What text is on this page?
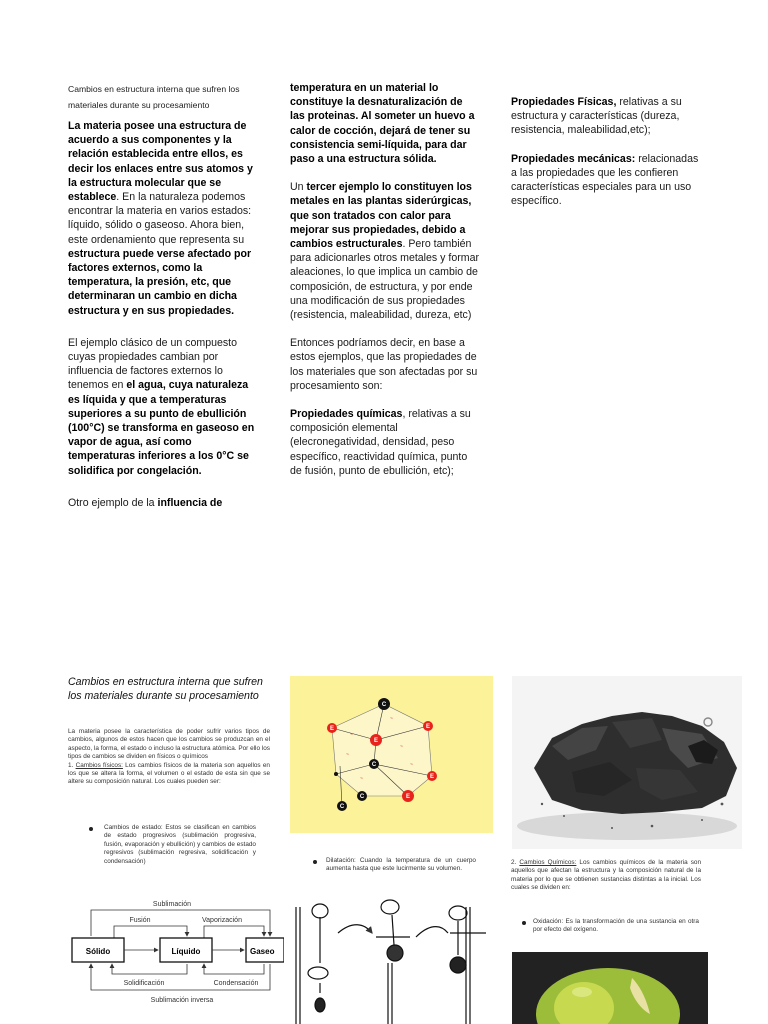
Cambios en estructura interna que sufren los materiales durante su procesamiento

La materia posee una estructura de acuerdo a sus componentes y la relación establecida entre ellos, es decir los enlaces entre sus atomos y la estructura molecular que se establece. En la naturaleza podemos encontrar la materia en varios estados: líquido, sólido o gaseoso. Ahora bien, este ordenamiento que representa su estructura puede verse afectado por factores externos, como la temperatura, la presión, etc, que determinaran un cambio en dicha estructura y en sus propiedades.

El ejemplo clásico de un compuesto cuyas propiedades cambian por influencia de factores externos lo tenemos en el agua, cuya naturaleza es líquida y que a temperaturas superiores a su punto de ebullición (100°C) se transforma en gaseoso en vapor de agua, así como temperaturas inferiores a los 0°C se solidifica por congelación.

Otro ejemplo de la influencia de

temperatura en un material lo constituye la desnaturalización de las proteinas. Al someter un huevo a calor de cocción, dejará de tener su consistencia semi-líquida, para dar paso a una estructura sólida.

Un tercer ejemplo lo constituyen los metales en las plantas siderúrgicas, que son tratados con calor para mejorar sus propiedades, debido a cambios estructurales. Pero también para adicionarles otros metales y formar aleaciones, lo que implica un cambio de composición, de estructura, y por ende una modificación de sus propiedades (resistencia, maleabilidad, dureza, etc)

Entonces podríamos decir, en base a estos ejemplos, que las propiedades de los materiales que son afectadas por su procesamiento son:

Propiedades químicas, relativas a su composición elemental (elecronegatividad, densidad, peso específico, reactividad química, punto de fusión, punto de ebullición, etc);

Propiedades Físicas, relativas a su estructura y características (dureza, resistencia, maleabilidad,etc);

Propiedades mecánicas: relacionadas a las propiedades que les confieren características especiales para un uso específico.

Cambios en estructura interna que sufren los materiales durante su procesamiento
La materia posee la característica de poder sufrir varios tipos de cambios, algunos de estos hacen que los cambios se produzcan en el aspecto, la forma, el estado o incluso la estructura atómica. Por ello los tipos de cambios se dividen en físicos o químicos
1. Cambios físicos: Los cambios físicos de la materia son aquellos en los que se altera la forma, el volumen o el estado de esta sin que se altere su composición natural. Los cuales pueden ser:
Cambios de estado: Estos se clasifican en cambios de estado progresivos (sublimación progresiva, fusión, evaporación y ebullición) y cambios de estado regresivos (sublimación regresiva, solidificación y condensación)
~
~
~
~
~
~
C
E	E
E
C
E
C	E
C
Dilatación: Cuando la temperatura de un cuerpo aumenta hasta que este lucirmente su volumen.
2. Cambios Químicos: Los cambios químicos de la materia son aquellos que afectan la estructura y la composición natural de la materia por lo que se obtienen sustancias distintas a la inicial. Los cuales se dividen en:
Oxidación: Es la transformación de una sustancia en otra por efecto del oxígeno.
Sublimación
Fusión	Vaporización
Sólido	Líquido	Gaseo
Solidificación	Condensación
Sublimación inversa
